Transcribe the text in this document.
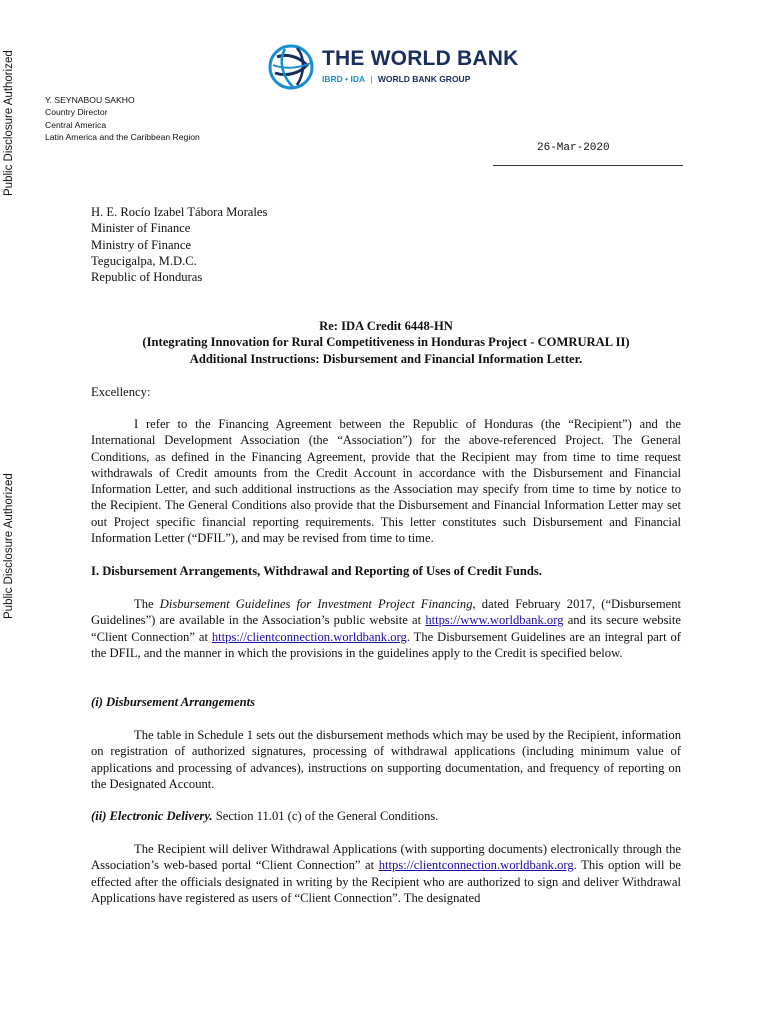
Public Disclosure Authorized
Public Disclosure Authorized
THE WORLD BANK
IBRD • IDA | WORLD BANK GROUP
Y. SEYNABOU SAKHO
Country Director
Central America
Latin America and the Caribbean Region
26-Mar-2020
H. E. Rocío Izabel Tábora Morales
Minister of Finance
Ministry of Finance
Tegucigalpa, M.D.C.
Republic of Honduras
Re: IDA Credit 6448-HN
(Integrating Innovation for Rural Competitiveness in Honduras Project - COMRURAL II)
Additional Instructions: Disbursement and Financial Information Letter.
Excellency:

I refer to the Financing Agreement between the Republic of Honduras (the “Recipient”) and the International Development Association (the “Association”) for the above-referenced Project. The General Conditions, as defined in the Financing Agreement, provide that the Recipient may from time to time request withdrawals of Credit amounts from the Credit Account in accordance with the Disbursement and Financial Information Letter, and such additional instructions as the Association may specify from time to time by notice to the Recipient. The General Conditions also provide that the Disbursement and Financial Information Letter may set out Project specific financial reporting requirements. This letter constitutes such Disbursement and Financial Information Letter (“DFIL”), and may be revised from time to time.

I. Disbursement Arrangements, Withdrawal and Reporting of Uses of Credit Funds.

The Disbursement Guidelines for Investment Project Financing, dated February 2017, (“Disbursement Guidelines”) are available in the Association’s public website at https://www.worldbank.org and its secure website “Client Connection” at https://clientconnection.worldbank.org. The Disbursement Guidelines are an integral part of the DFIL, and the manner in which the provisions in the guidelines apply to the Credit is specified below.

(i) Disbursement Arrangements

The table in Schedule 1 sets out the disbursement methods which may be used by the Recipient, information on registration of authorized signatures, processing of withdrawal applications (including minimum value of applications and processing of advances), instructions on supporting documentation, and frequency of reporting on the Designated Account.

(ii) Electronic Delivery. Section 11.01 (c) of the General Conditions.

The Recipient will deliver Withdrawal Applications (with supporting documents) electronically through the Association’s web-based portal “Client Connection” at https://clientconnection.worldbank.org. This option will be effected after the officials designated in writing by the Recipient who are authorized to sign and deliver Withdrawal Applications have registered as users of “Client Connection”. The designated
